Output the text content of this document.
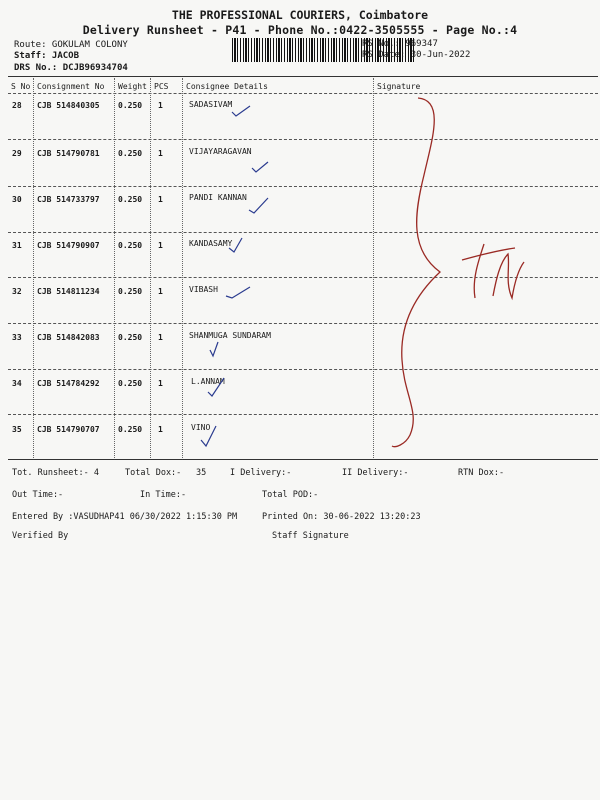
THE PROFESSIONAL COURIERS, Coimbatore
Delivery Runsheet - P41 - Phone No.:0422-3505555 - Page No.:4
Route: GOKULAM COLONY
Staff: JACOB
DRS No.: DCJB96934704
RS No.: 969347
RS Date: 30-Jun-2022
S No Consignment No Weight PCS Consignee Details	Signature
28 CJB 514840305 0.250 1	SADASIVAM
29 CJB 514790781 0.250 1	VIJAYARAGAVAN
30 CJB 514733797 0.250 1	PANDI KANNAN
31 CJB 514790907 0.250 1	KANDASAMY
32 CJB 514811234 0.250 1	VIBASH
33 CJB 514842083 0.250 1	SHANMUGA SUNDARAM
34 CJB 514784292 0.250 1	L.ANNAM
35 CJB 514790707 0.250 1	VINO
Tot. Runsheet:- 4	Total Dox:- 35	I Delivery:-	II Delivery:-	RTN Dox:-
Out Time:-	In Time:-	Total POD:-
Entered By :VASUDHAP41 06/30/2022 1:15:30 PM	Printed On: 30-06-2022 13:20:23
Verified By	Staff Signature
